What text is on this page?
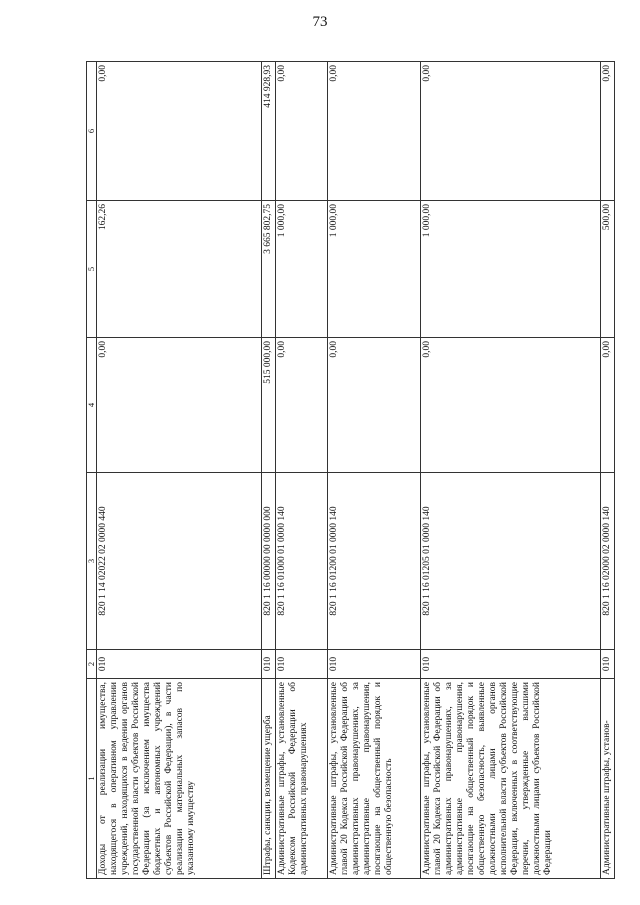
73
1	2	3	4	5	6
Доходы от реализации имущества, находящегося в оперативном управлении учреждений, находящихся в ведении органов государственной власти субъектов Российской Федерации (за исключением имущества бюджетных и автономных учреждений субъектов Российской Федерации), в части реализации материальных запасов по указанному имуществу	010	820 1 14 02022 02 0000 440	0,00	162,26	0,00
Штрафы, санкции, возмещение ущерба	010	820 1 16 00000 00 0000 000	515 000,00	3 665 802,75	414 928,93
Административные штрафы, установленные Кодексом Российской Федерации об административных правонарушениях	010	820 1 16 01000 01 0000 140	0,00	1 000,00	0,00
Административные штрафы, установленные главой 20 Кодекса Российской Федерации об административных правонарушениях, за административные правонарушения, посягающие на общественный порядок и общественную безопасность	010	820 1 16 01200 01 0000 140	0,00	1 000,00	0,00
Административные штрафы, установленные главой 20 Кодекса Российской Федерации об административных правонарушениях, за административные правонарушения, посягающие на общественный порядок и общественную безопасность, выявленные должностными лицами органов исполнительной власти субъектов Российской Федерации, включенных в соответствующие перечни, утвержденные высшими должностными лицами субъектов Российской Федерации	010	820 1 16 01205 01 0000 140	0,00	1 000,00	0,00
Административные штрафы, установ-	010	820 1 16 02000 02 0000 140	0,00	500,00	0,00
